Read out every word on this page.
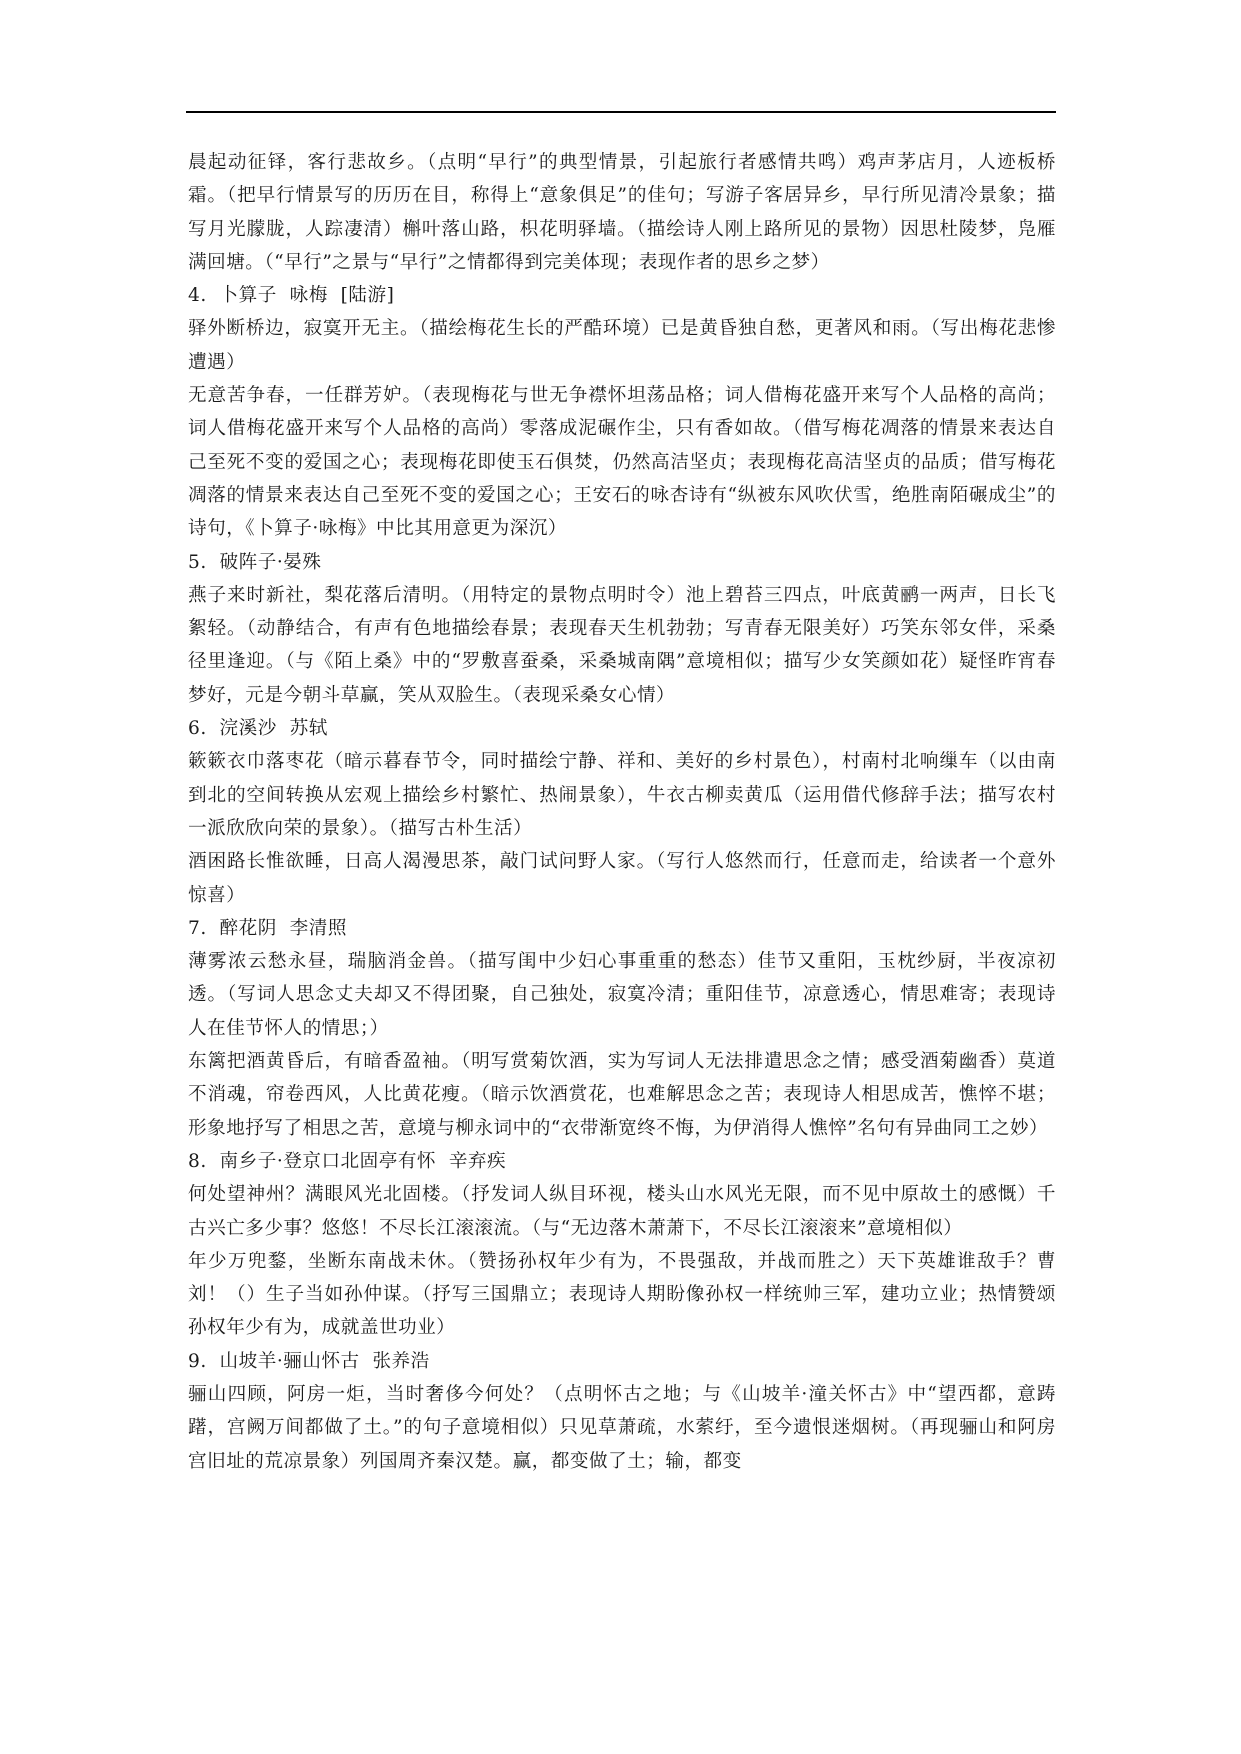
晨起动征铎，客行悲故乡。（点明“早行”的典型情景，引起旅行者感情共鸣）鸡声茅店月，人迹板桥霜。（把早行情景写的历历在目，称得上“意象俱足”的佳句；写游子客居异乡，早行所见清冷景象；描写月光朦胧，人踪凄清）槲叶落山路，枳花明驿墙。（描绘诗人刚上路所见的景物）因思杜陵梦，凫雁满回塘。（“早行”之景与“早行”之情都得到完美体现；表现作者的思乡之梦）

4.  卜算子  咏梅  [陆游]

驿外断桥边，寂寞开无主。（描绘梅花生长的严酷环境）已是黄昏独自愁，更著风和雨。（写出梅花悲惨遭遇）

无意苦争春，一任群芳妒。（表现梅花与世无争襟怀坦荡品格；词人借梅花盛开来写个人品格的高尚；词人借梅花盛开来写个人品格的高尚）零落成泥碾作尘，只有香如故。（借写梅花凋落的情景来表达自己至死不变的爱国之心；表现梅花即使玉石俱焚，仍然高洁坚贞；表现梅花高洁坚贞的品质；借写梅花凋落的情景来表达自己至死不变的爱国之心；王安石的咏杏诗有“纵被东风吹伏雪，绝胜南陌碾成尘”的诗句，《卜算子·咏梅》中比其用意更为深沉）

5.  破阵子·晏殊

燕子来时新社，梨花落后清明。（用特定的景物点明时令）池上碧苔三四点，叶底黄鹂一两声，日长飞絮轻。（动静结合，有声有色地描绘春景；表现春天生机勃勃；写青春无限美好）巧笑东邻女伴，采桑径里逢迎。（与《陌上桑》中的“罗敷喜蚕桑，采桑城南隅”意境相似；描写少女笑颜如花）疑怪昨宵春梦好，元是今朝斗草赢，笑从双脸生。（表现采桑女心情）

6.  浣溪沙  苏轼

簌簌衣巾落枣花（暗示暮春节令，同时描绘宁静、祥和、美好的乡村景色），村南村北响缫车（以由南到北的空间转换从宏观上描绘乡村繁忙、热闹景象），牛衣古柳卖黄瓜（运用借代修辞手法；描写农村一派欣欣向荣的景象）。（描写古朴生活）

酒困路长惟欲睡，日高人渴漫思茶，敲门试问野人家。（写行人悠然而行，任意而走，给读者一个意外惊喜）

7.  醉花阴  李清照

薄雾浓云愁永昼，瑞脑消金兽。（描写闺中少妇心事重重的愁态）佳节又重阳，玉枕纱厨，半夜凉初透。（写词人思念丈夫却又不得团聚，自己独处，寂寞冷清；重阳佳节，凉意透心，情思难寄；表现诗人在佳节怀人的情思；）

东篱把酒黄昏后，有暗香盈袖。（明写赏菊饮酒，实为写词人无法排遣思念之情；感受酒菊幽香）莫道不消魂，帘卷西风，人比黄花瘦。（暗示饮酒赏花，也难解思念之苦；表现诗人相思成苦，憔悴不堪；形象地抒写了相思之苦，意境与柳永词中的“衣带渐宽终不悔，为伊消得人憔悴”名句有异曲同工之妙）

8.  南乡子·登京口北固亭有怀  辛弃疾

何处望神州？满眼风光北固楼。（抒发词人纵目环视，楼头山水风光无限，而不见中原故土的感慨）千古兴亡多少事？悠悠！不尽长江滚滚流。（与“无边落木萧萧下，不尽长江滚滚来”意境相似）

年少万兜鍪，坐断东南战未休。（赞扬孙权年少有为，不畏强敌，并战而胜之）天下英雄谁敌手？曹刘！（）生子当如孙仲谋。（抒写三国鼎立；表现诗人期盼像孙权一样统帅三军，建功立业；热情赞颂孙权年少有为，成就盖世功业）

9.  山坡羊·骊山怀古  张养浩

骊山四顾，阿房一炬，当时奢侈今何处？（点明怀古之地；与《山坡羊·潼关怀古》中“望西都，意踌躇，宫阙万间都做了土。”的句子意境相似）只见草萧疏，水萦纡，至今遗恨迷烟树。（再现骊山和阿房宫旧址的荒凉景象）列国周齐秦汉楚。赢，都变做了土；输，都变
